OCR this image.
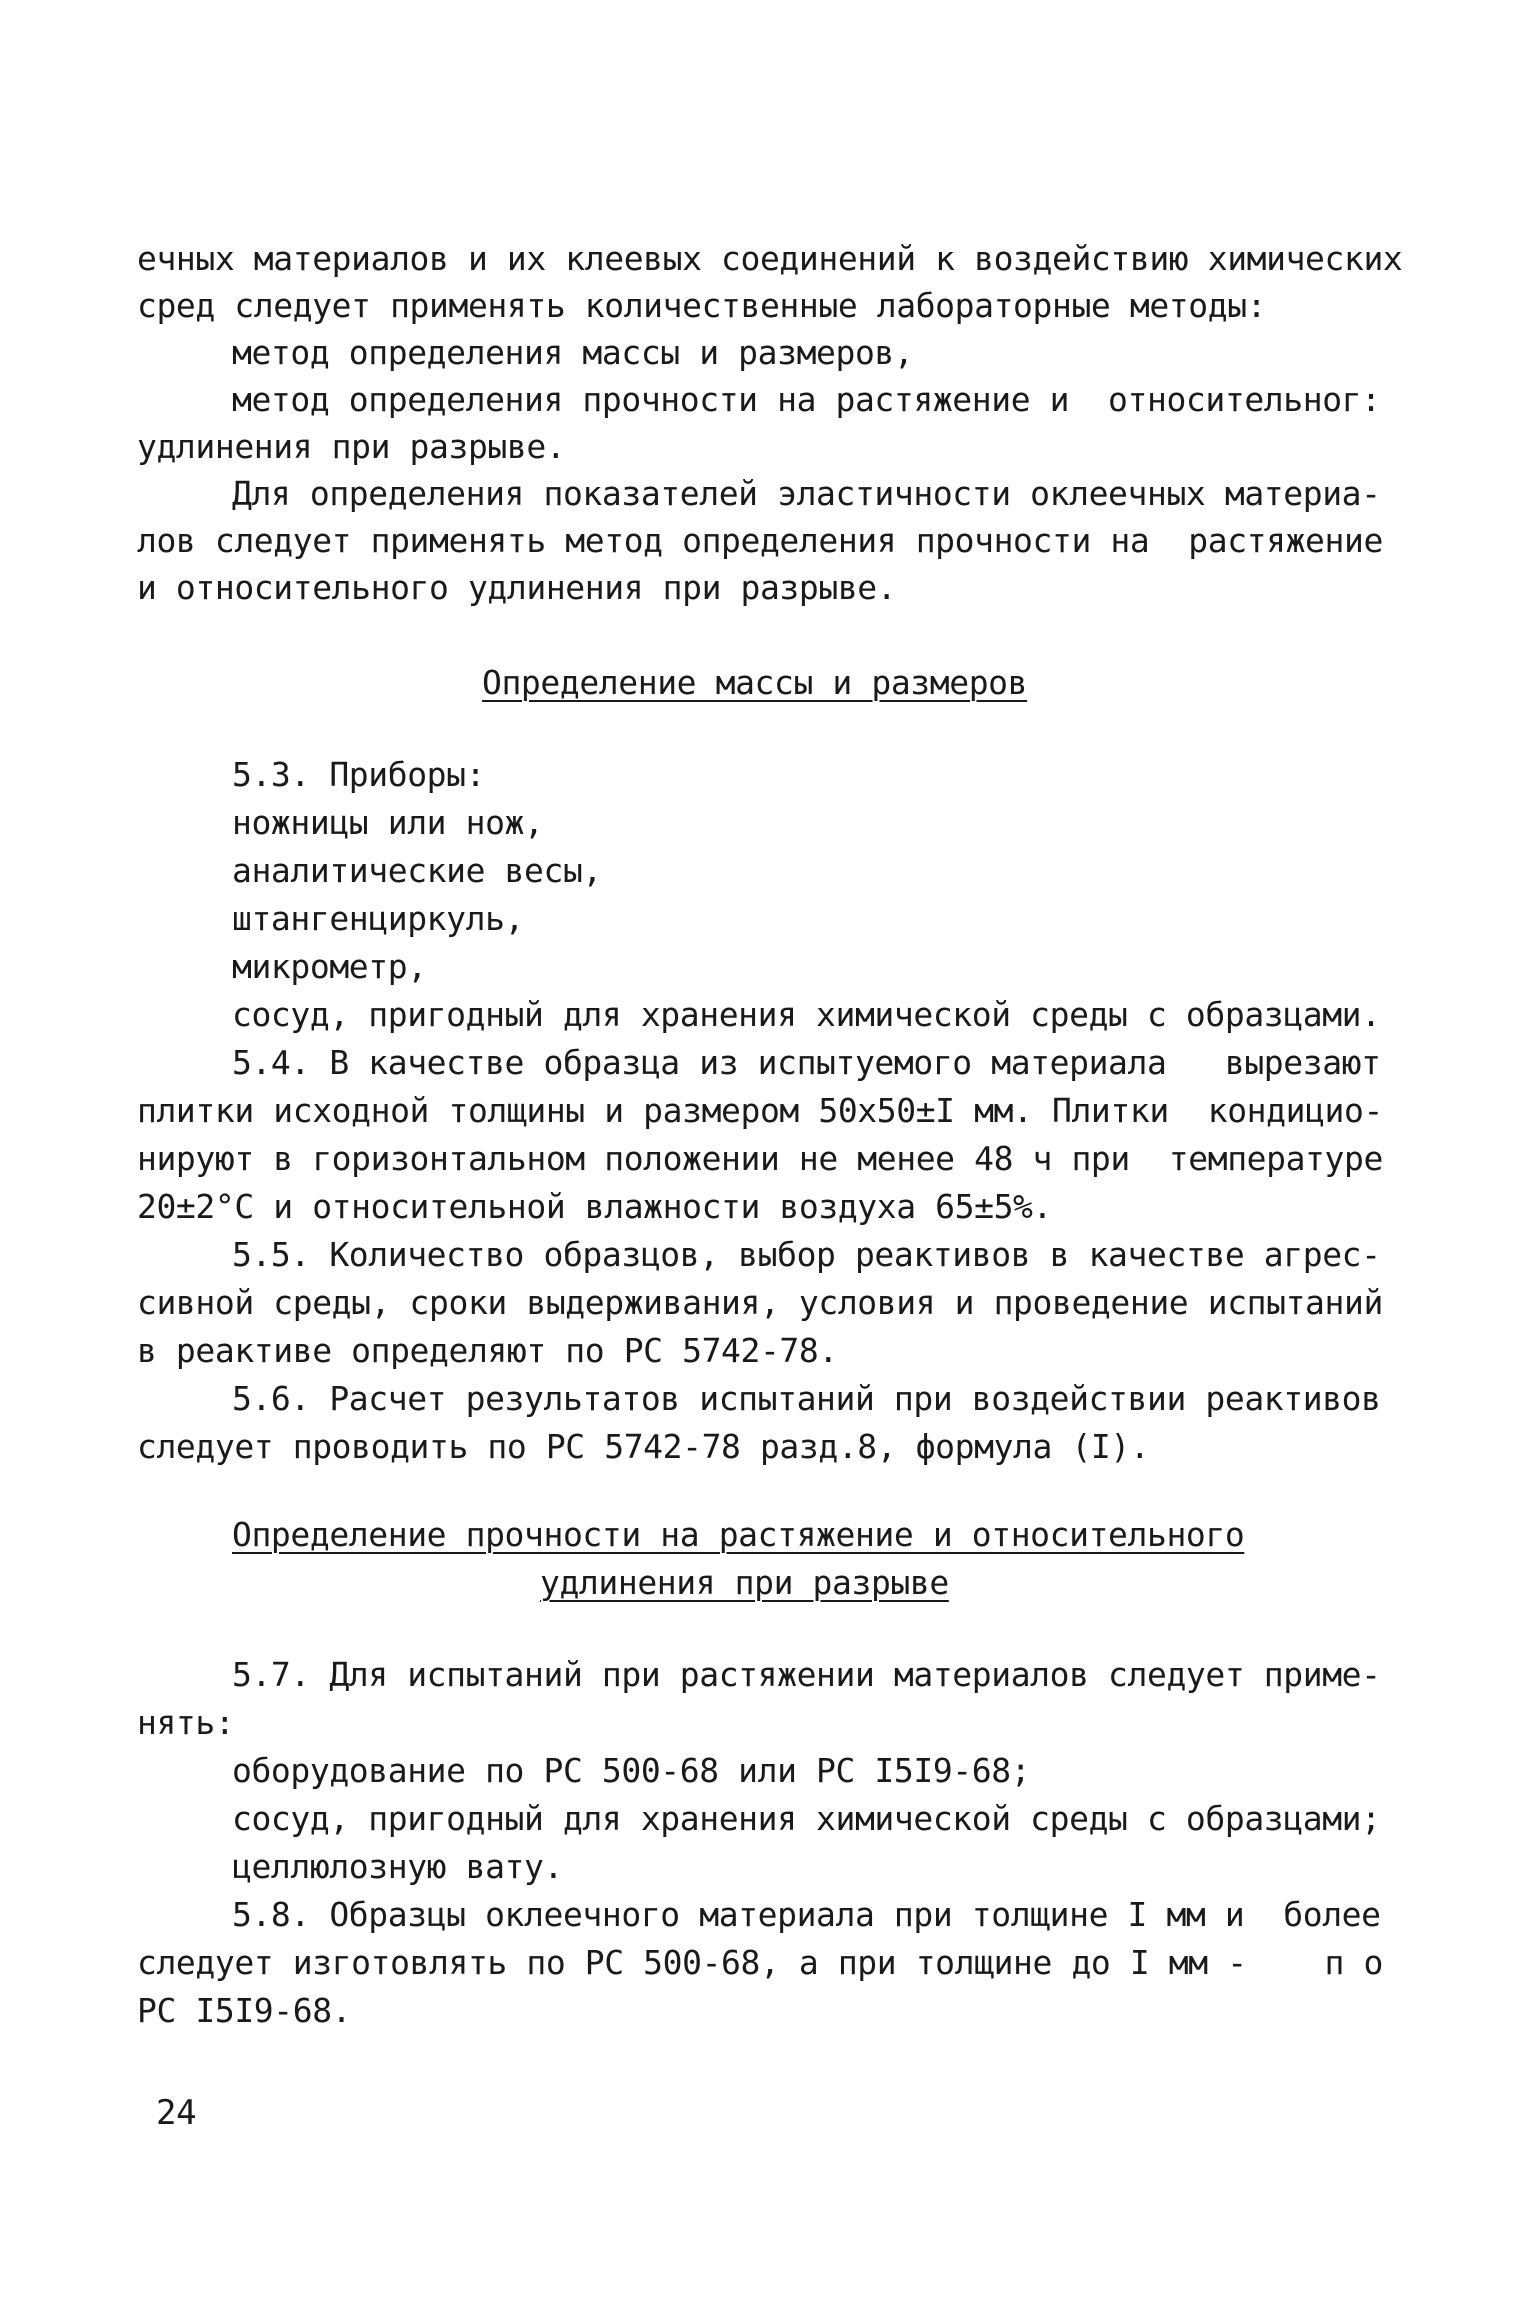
ечных материалов и их клеевых соединений к воздействию химических
сред следует применять количественные лабораторные методы:
метод определения массы и размеров,
метод определения прочности на растяжение и  относительног:
удлинения при разрыве.
Для определения показателей эластичности оклеечных материа-
лов следует применять метод определения прочности на  растяжение
и относительного удлинения при разрыве.
Определение массы и размеров
5.3. Приборы:
ножницы или нож,
аналитические весы,
штангенциркуль,
микрометр,
сосуд, пригодный для хранения химической среды с образцами.
5.4. В качестве образца из испытуемого материала   вырезают
плитки исходной толщины и размером 50х50±I мм. Плитки  кондицио-
нируют в горизонтальном положении не менее 48 ч при  температуре
20±2°С и относительной влажности воздуха 65±5%.
5.5. Количество образцов, выбор реактивов в качестве агрес-
сивной среды, сроки выдерживания, условия и проведение испытаний
в реактиве определяют по РС 5742-78.
5.6. Расчет результатов испытаний при воздействии реактивов
следует проводить по РС 5742-78 разд.8, формула (I).
Определение прочности на растяжение и относительного
удлинения при разрыве
5.7. Для испытаний при растяжении материалов следует приме-
нять:
оборудование по РС 500-68 или РС I5I9-68;
сосуд, пригодный для хранения химической среды с образцами;
целлюлозную вату.
5.8. Образцы оклеечного материала при толщине I мм и  более
следует изготовлять по РС 500-68, а при толщине до I мм -    п о
РС I5I9-68.
24
